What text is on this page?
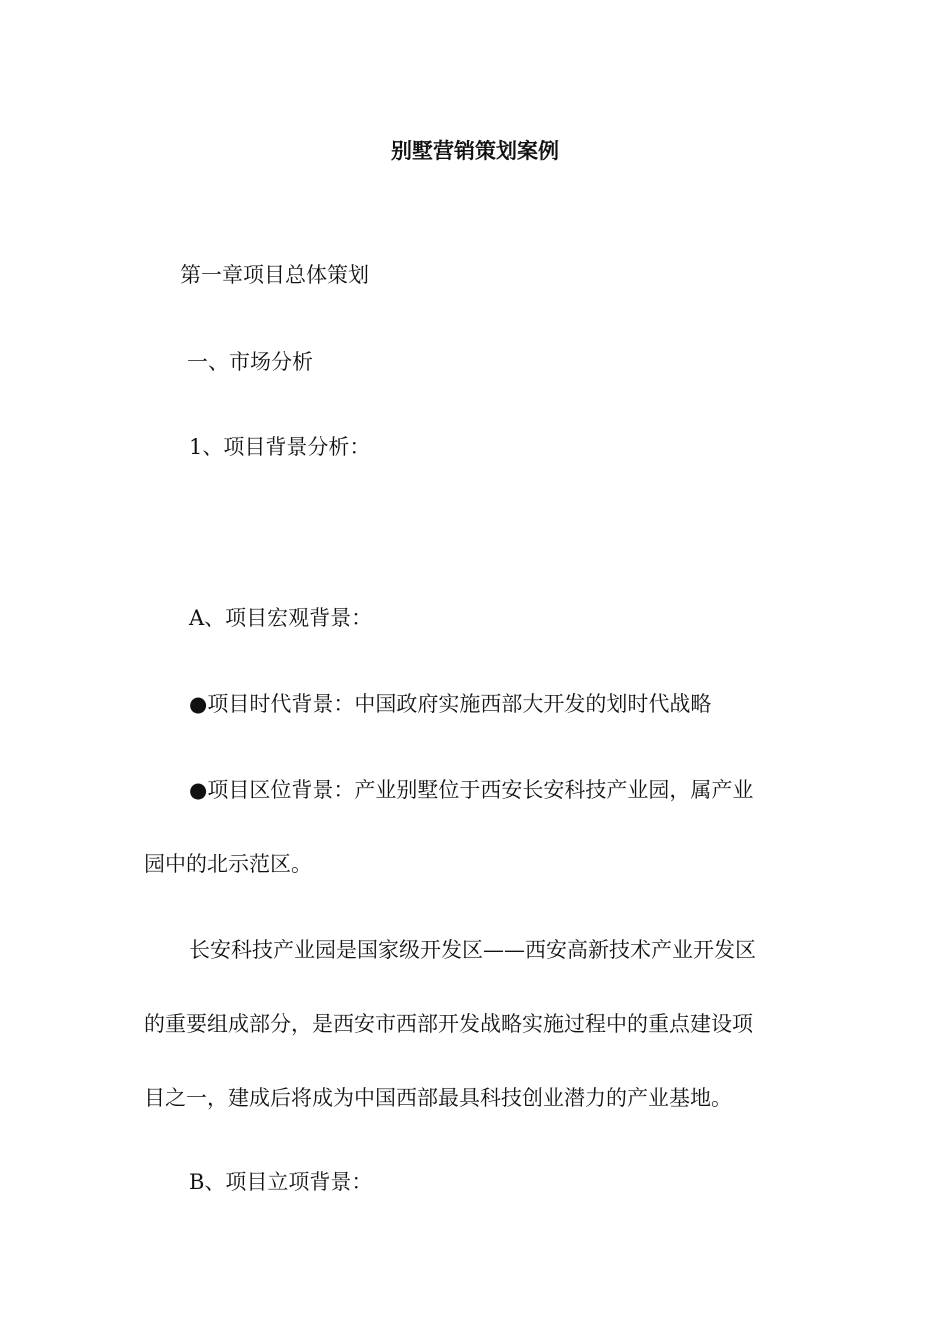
别墅营销策划案例

第一章项目总体策划

一、市场分析

1、项目背景分析：

A、项目宏观背景：

●项目时代背景：中国政府实施西部大开发的划时代战略

●项目区位背景：产业别墅位于西安长安科技产业园，属产业

园中的北示范区。

长安科技产业园是国家级开发区——西安高新技术产业开发区

的重要组成部分，是西安市西部开发战略实施过程中的重点建设项

目之一，建成后将成为中国西部最具科技创业潜力的产业基地。

B、项目立项背景：
